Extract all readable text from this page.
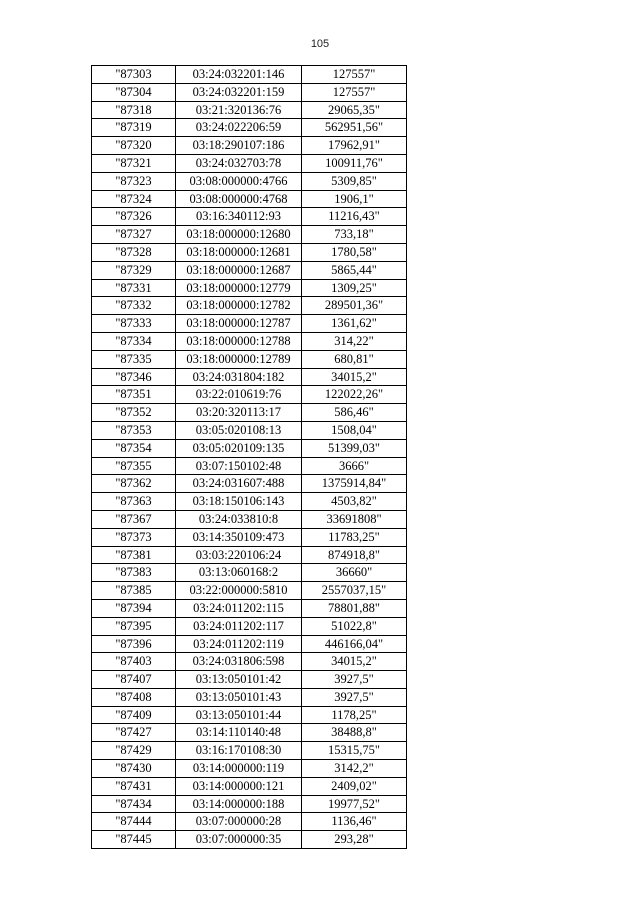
105
"87303	03:24:032201:146	127557"
"87304	03:24:032201:159	127557"
"87318	03:21:320136:76	29065,35"
"87319	03:24:022206:59	562951,56"
"87320	03:18:290107:186	17962,91"
"87321	03:24:032703:78	100911,76"
"87323	03:08:000000:4766	5309,85"
"87324	03:08:000000:4768	1906,1"
"87326	03:16:340112:93	11216,43"
"87327	03:18:000000:12680	733,18"
"87328	03:18:000000:12681	1780,58"
"87329	03:18:000000:12687	5865,44"
"87331	03:18:000000:12779	1309,25"
"87332	03:18:000000:12782	289501,36"
"87333	03:18:000000:12787	1361,62"
"87334	03:18:000000:12788	314,22"
"87335	03:18:000000:12789	680,81"
"87346	03:24:031804:182	34015,2"
"87351	03:22:010619:76	122022,26"
"87352	03:20:320113:17	586,46"
"87353	03:05:020108:13	1508,04"
"87354	03:05:020109:135	51399,03"
"87355	03:07:150102:48	3666"
"87362	03:24:031607:488	1375914,84"
"87363	03:18:150106:143	4503,82"
"87367	03:24:033810:8	33691808"
"87373	03:14:350109:473	11783,25"
"87381	03:03:220106:24	874918,8"
"87383	03:13:060168:2	36660"
"87385	03:22:000000:5810	2557037,15"
"87394	03:24:011202:115	78801,88"
"87395	03:24:011202:117	51022,8"
"87396	03:24:011202:119	446166,04"
"87403	03:24:031806:598	34015,2"
"87407	03:13:050101:42	3927,5"
"87408	03:13:050101:43	3927,5"
"87409	03:13:050101:44	1178,25"
"87427	03:14:110140:48	38488,8"
"87429	03:16:170108:30	15315,75"
"87430	03:14:000000:119	3142,2"
"87431	03:14:000000:121	2409,02"
"87434	03:14:000000:188	19977,52"
"87444	03:07:000000:28	1136,46"
"87445	03:07:000000:35	293,28"
